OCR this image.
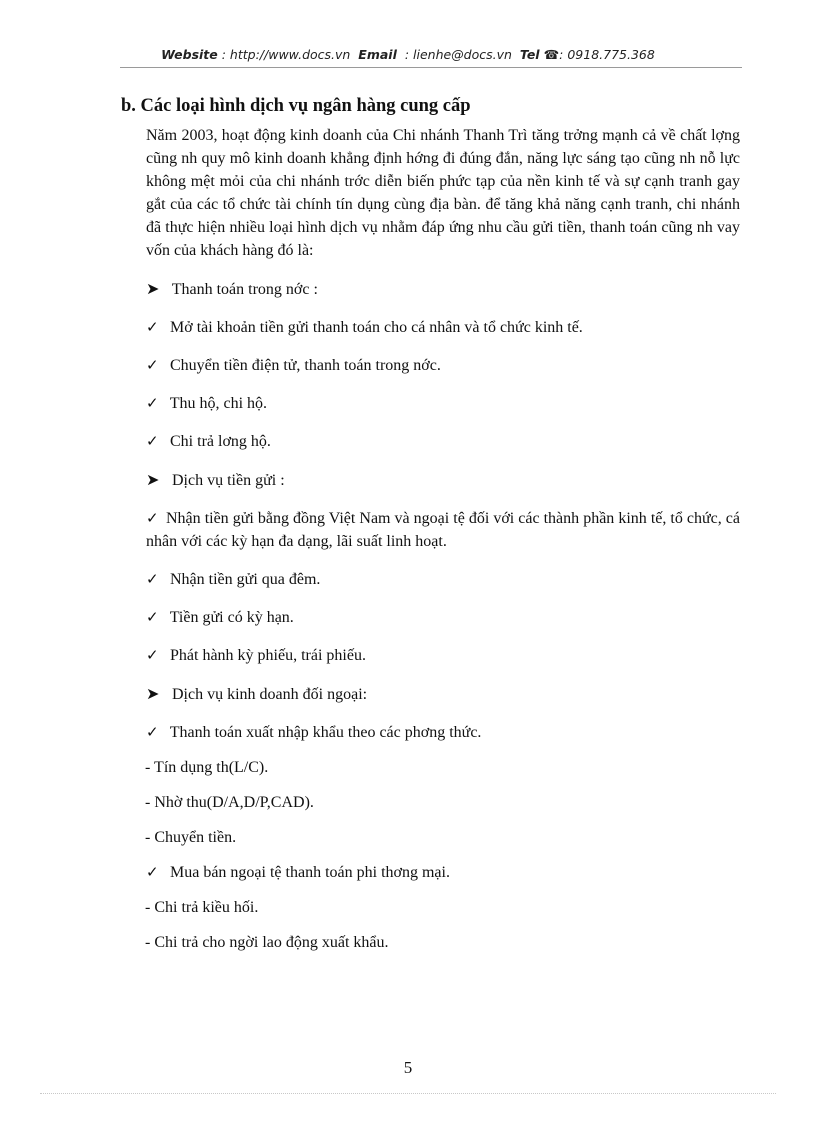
Website : http://www.docs.vn Email : lienhe@docs.vn Tel ☎: 0918.775.368
b. Các loại hình dịch vụ ngân hàng cung cấp

Năm 2003, hoạt động kinh doanh của Chi nhánh Thanh Trì tăng trởng mạnh cả về chất lợng cũng nh quy mô kinh doanh khẳng định hớng đi đúng đắn, năng lực sáng tạo cũng nh nỗ lực không mệt mỏi của chi nhánh trớc diễn biến phức tạp của nền kinh tế và sự cạnh tranh gay gắt của các tổ chức tài chính tín dụng cùng địa bàn. để tăng khả năng cạnh tranh, chi nhánh đã thực hiện nhiều loại hình dịch vụ nhằm đáp ứng nhu cầu gửi tiền, thanh toán cũng nh vay vốn của khách hàng đó là:

➤ Thanh toán trong nớc :
✓ Mở tài khoản tiền gửi thanh toán cho cá nhân và tổ chức kinh tế.
✓ Chuyển tiền điện tử, thanh toán trong nớc.
✓ Thu hộ, chi hộ.
✓ Chi trả lơng hộ.
➤ Dịch vụ tiền gửi :

✓ Nhận tiền gửi bằng đồng Việt Nam và ngoại tệ đối với các thành phần kinh tế, tổ chức, cá nhân với các kỳ hạn đa dạng, lãi suất linh hoạt.

✓ Nhận tiền gửi qua đêm.
✓ Tiền gửi có kỳ hạn.
✓ Phát hành kỳ phiếu, trái phiếu.
➤ Dịch vụ kinh doanh đối ngoại:
✓ Thanh toán xuất nhập khẩu theo các phơng thức.
- Tín dụng th(L/C).
- Nhờ thu(D/A,D/P,CAD).
- Chuyển tiền.
✓ Mua bán ngoại tệ thanh toán phi thơng mại.
- Chi trả kiều hối.
- Chi trả cho ngời lao động xuất khẩu.
5
